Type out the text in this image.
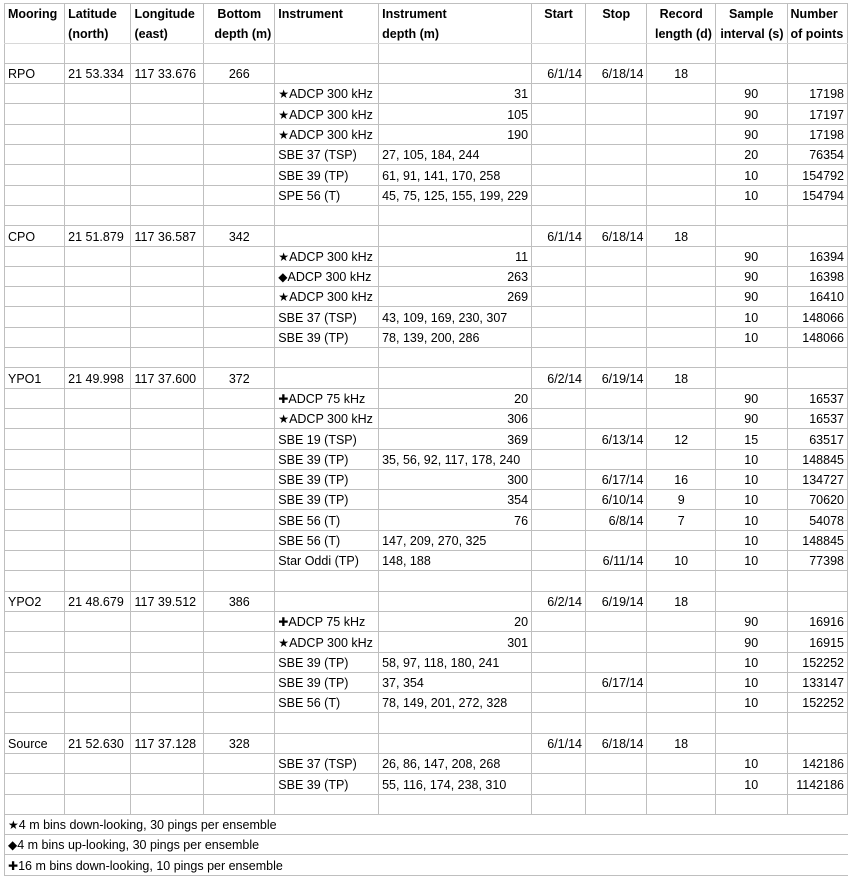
Mooring	Latitude	Longitude	Bottom	Instrument	Instrument	Start	Stop	Record	Sample	Number
	(north)	(east)	depth (m)		depth (m)			length (d)	interval (s)	of points

RPO	21 53.334	117 33.676	266			6/1/14	6/18/14	18		
				★ADCP 300 kHz	31				90	17198
				★ADCP 300 kHz	105				90	17197
				★ADCP 300 kHz	190				90	17198
				SBE 37 (TSP)	27, 105, 184, 244				20	76354
				SBE 39 (TP)	61, 91, 141, 170, 258				10	154792
				SPE 56 (T)	45, 75, 125, 155, 199, 229				10	154794

CPO	21 51.879	117 36.587	342			6/1/14	6/18/14	18		
				★ADCP 300 kHz	11				90	16394
				◆ADCP 300 kHz	263				90	16398
				★ADCP 300 kHz	269				90	16410
				SBE 37 (TSP)	43, 109, 169, 230, 307				10	148066
				SBE 39 (TP)	78, 139, 200, 286				10	148066

YPO1	21 49.998	117 37.600	372			6/2/14	6/19/14	18		
				✚ADCP 75 kHz	20				90	16537
				★ADCP 300 kHz	306				90	16537
				SBE 19 (TSP)	369		6/13/14	12	15	63517
				SBE 39 (TP)	35, 56, 92, 117, 178, 240				10	148845
				SBE 39 (TP)	300		6/17/14	16	10	134727
				SBE 39 (TP)	354		6/10/14	9	10	70620
				SBE 56 (T)	76		6/8/14	7	10	54078
				SBE 56 (T)	147, 209, 270, 325				10	148845
				Star Oddi (TP)	148, 188		6/11/14	10	10	77398

YPO2	21 48.679	117 39.512	386			6/2/14	6/19/14	18		
				✚ADCP 75 kHz	20				90	16916
				★ADCP 300 kHz	301				90	16915
				SBE 39 (TP)	58, 97, 118, 180, 241				10	152252
				SBE 39 (TP)	37, 354		6/17/14		10	133147
				SBE 56 (T)	78, 149, 201, 272, 328				10	152252

Source	21 52.630	117 37.128	328			6/1/14	6/18/14	18		
				SBE 37 (TSP)	26, 86, 147, 208, 268				10	142186
				SBE 39 (TP)	55, 116, 174, 238, 310				10	1142186

★4 m bins down-looking, 30 pings per ensemble										
◆4 m bins up-looking, 30 pings per ensemble										
✚16 m bins down-looking, 10 pings per ensemble										
